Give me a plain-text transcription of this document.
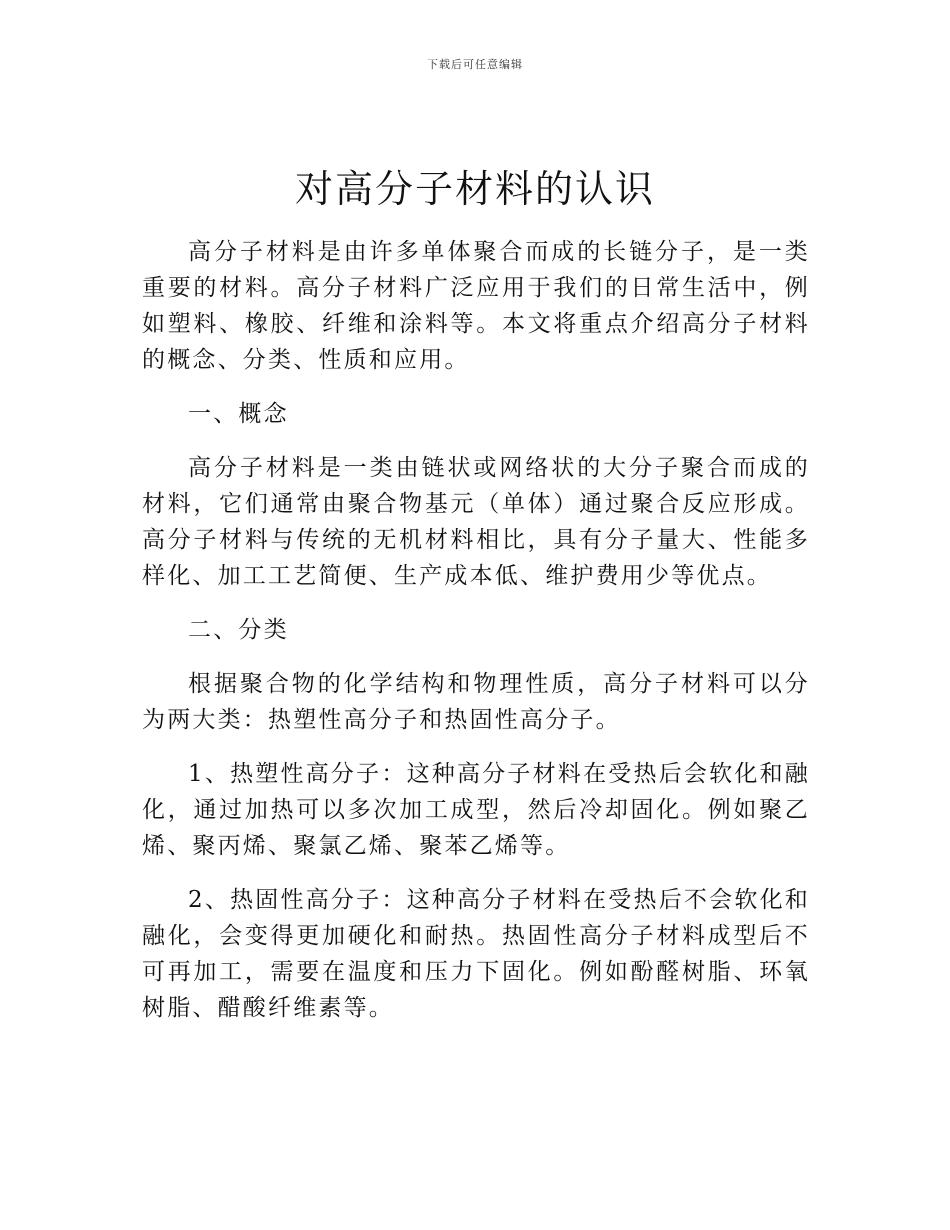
下载后可任意编辑
对高分子材料的认识

高分子材料是由许多单体聚合而成的长链分子，是一类重要的材料。高分子材料广泛应用于我们的日常生活中，例如塑料、橡胶、纤维和涂料等。本文将重点介绍高分子材料的概念、分类、性质和应用。

一、概念

高分子材料是一类由链状或网络状的大分子聚合而成的材料，它们通常由聚合物基元（单体）通过聚合反应形成。高分子材料与传统的无机材料相比，具有分子量大、性能多样化、加工工艺简便、生产成本低、维护费用少等优点。

二、分类

根据聚合物的化学结构和物理性质，高分子材料可以分为两大类：热塑性高分子和热固性高分子。

1、热塑性高分子：这种高分子材料在受热后会软化和融化，通过加热可以多次加工成型，然后冷却固化。例如聚乙烯、聚丙烯、聚氯乙烯、聚苯乙烯等。

2、热固性高分子：这种高分子材料在受热后不会软化和融化，会变得更加硬化和耐热。热固性高分子材料成型后不可再加工，需要在温度和压力下固化。例如酚醛树脂、环氧树脂、醋酸纤维素等。
